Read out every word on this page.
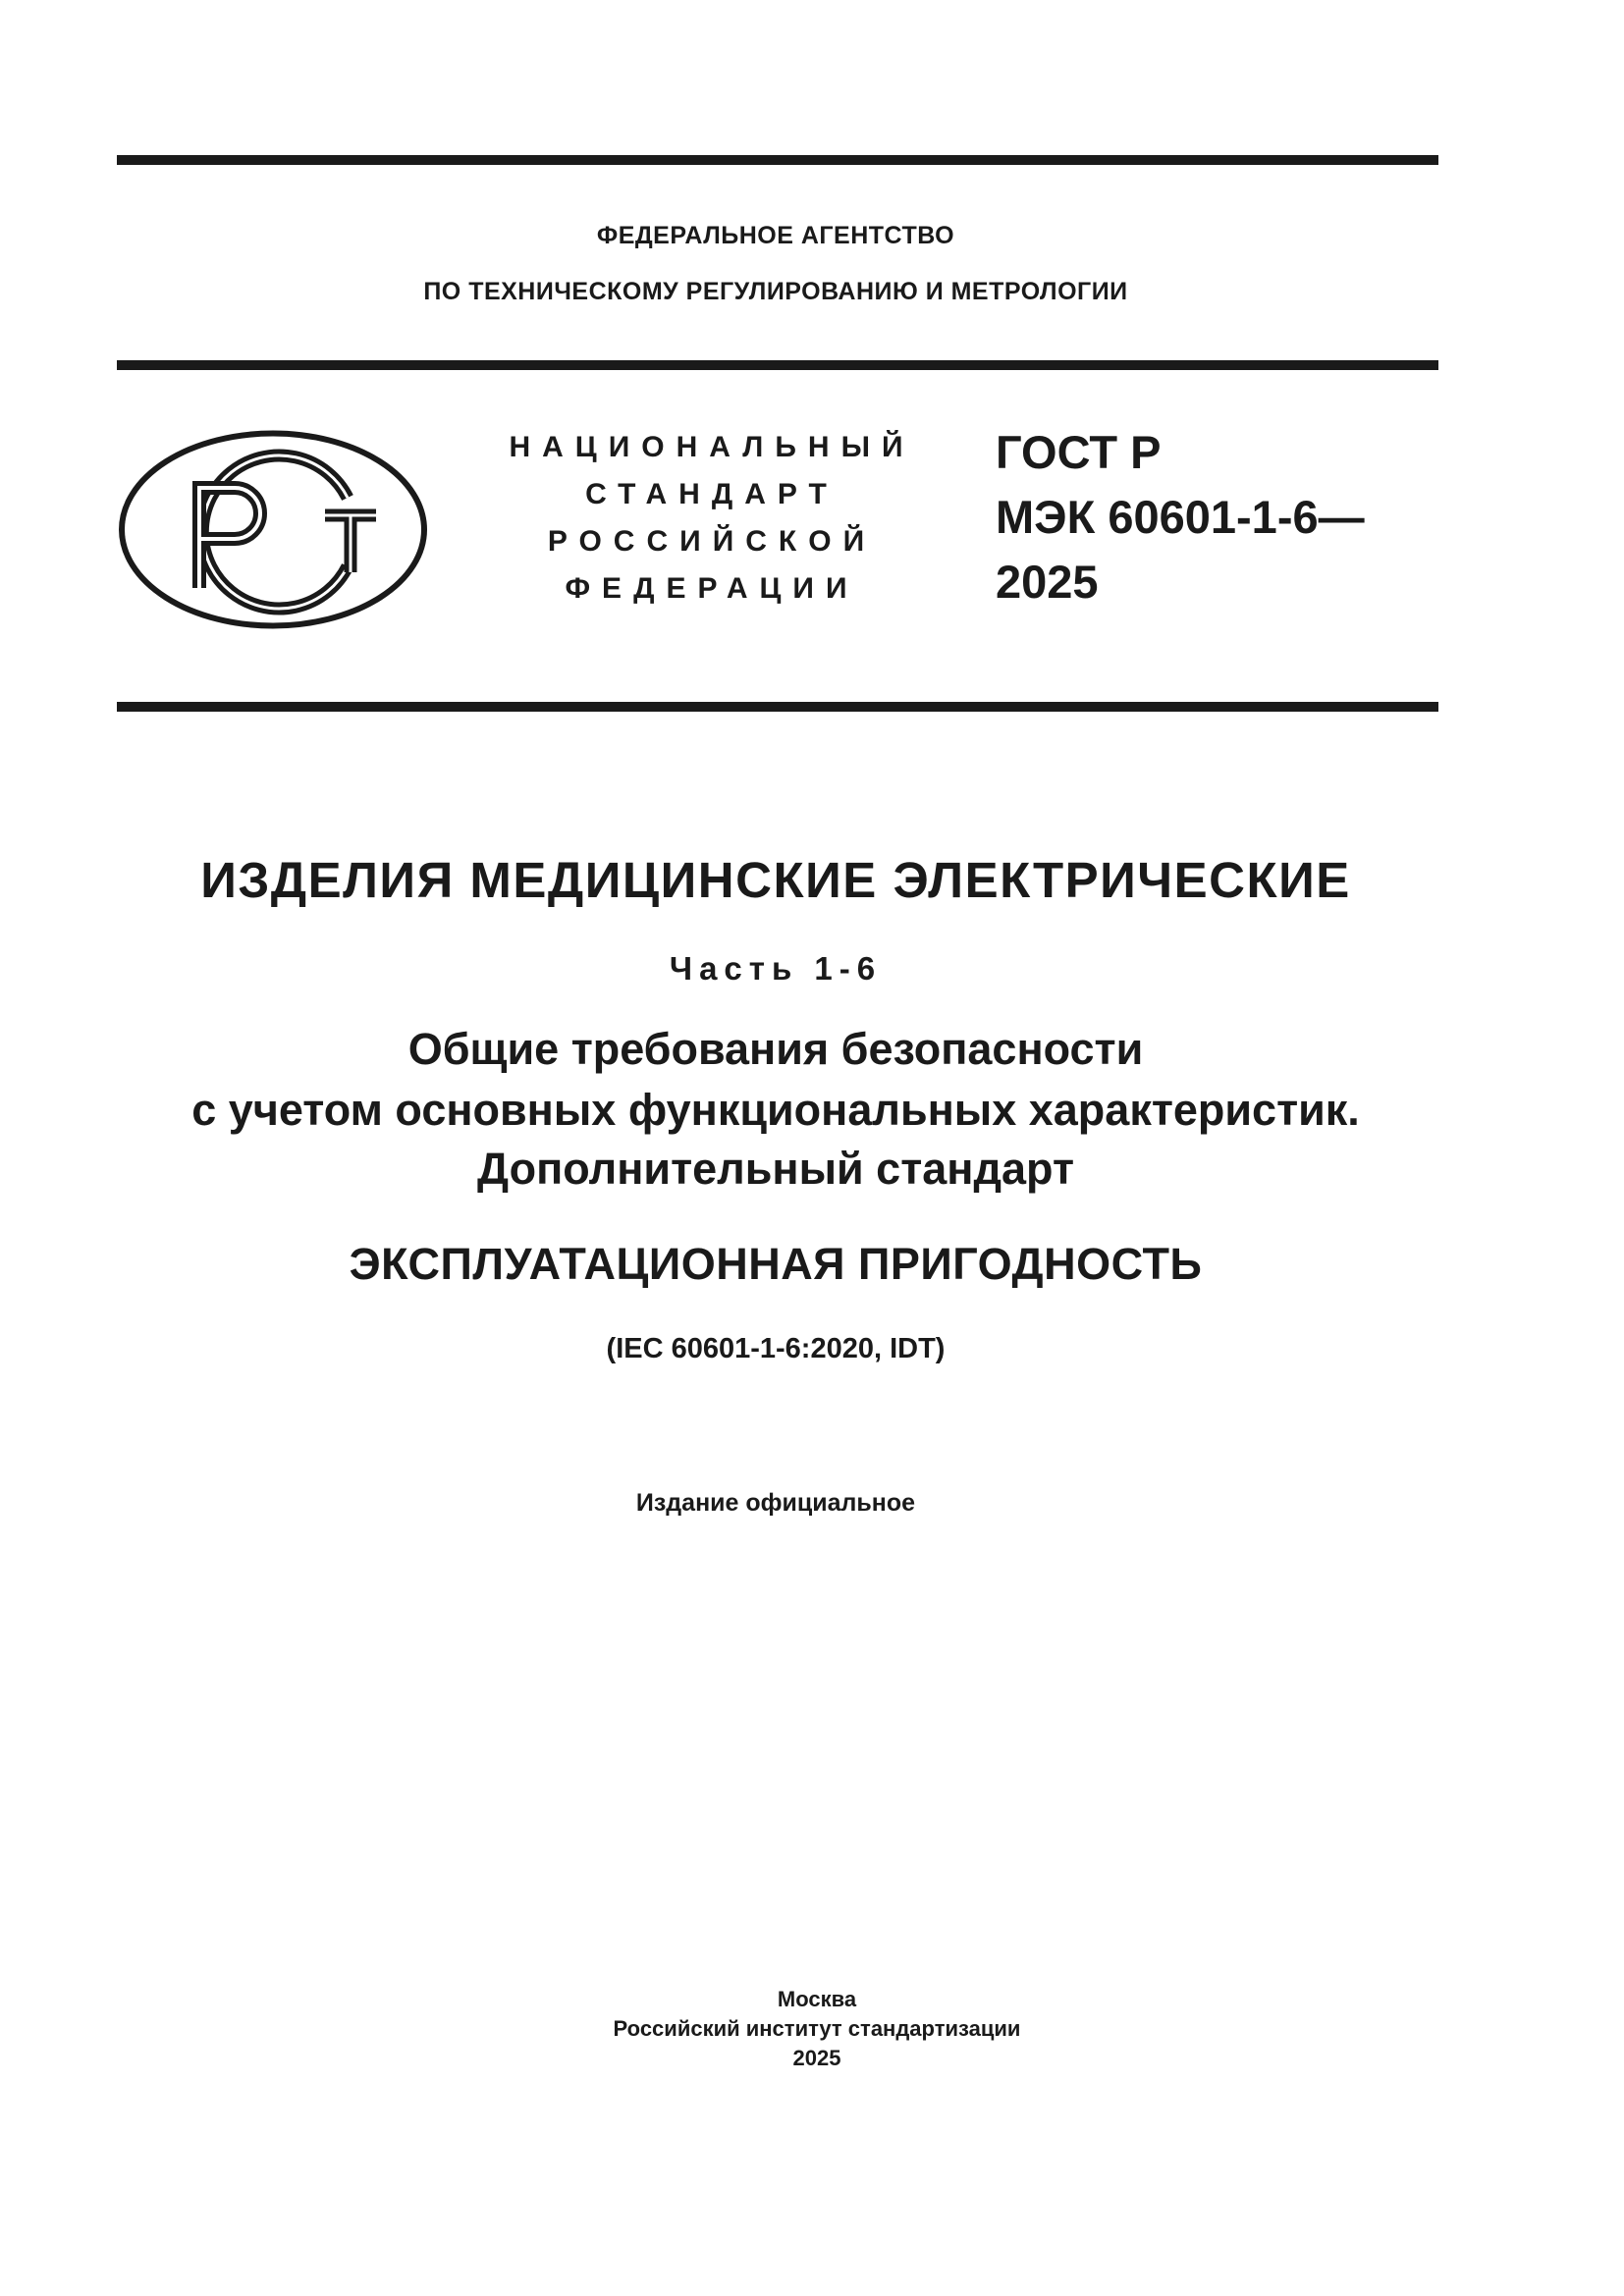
ФЕДЕРАЛЬНОЕ АГЕНТСТВО
ПО ТЕХНИЧЕСКОМУ РЕГУЛИРОВАНИЮ И МЕТРОЛОГИИ
НАЦИОНАЛЬНЫЙ
СТАНДАРТ
РОССИЙСКОЙ
ФЕДЕРАЦИИ
ГОСТ Р
МЭК 60601-1-6—
2025
ИЗДЕЛИЯ МЕДИЦИНСКИЕ ЭЛЕКТРИЧЕСКИЕ
Часть 1-6
Общие требования безопасности
с учетом основных функциональных характеристик.
Дополнительный стандарт
ЭКСПЛУАТАЦИОННАЯ ПРИГОДНОСТЬ
(IEC 60601-1-6:2020, IDT)
Издание официальное
Москва
Российский институт стандартизации
2025
